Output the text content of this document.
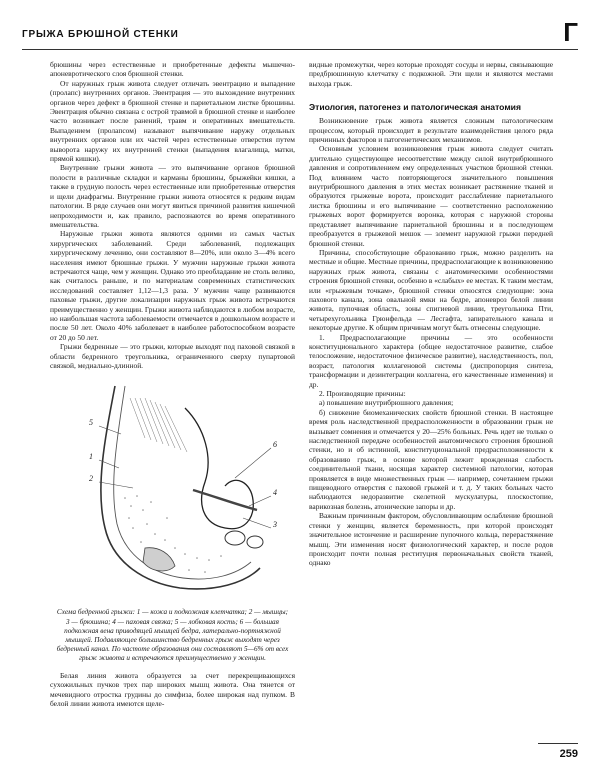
ГРЫЖА БРЮШНОЙ СТЕНКИ	Г

брюшины через естественные и приобретенные дефекты мышечно-апоневротического слоя брюшной стенки.

От наружных грыж живота следует отличать эвентрацию и выпадение (пролапс) внутренних органов. Эвентрация — это выхождение внутренних органов через дефект в брюшной стенке и париетальном листке брюшины. Эвентрация обычно связана с острой травмой в брюшной стенке и наиболее часто возникает после ранений, травм и оперативных вмешательств. Выпадением (пролапсом) называют выпячивание наружу отдельных внутренних органов или их частей через естественные отверстия путем выворота наружу их внутренней стенки (выпадения влагалища, матки, прямой кишки).

Внутренние грыжи живота — это выпячивание органов брюшной полости в различные складки и карманы брюшины, брыжейки кишки, а также в грудную полость через естественные или приобретенные отверстия и щели диафрагмы. Внутренние грыжи живота относятся к редким видам патологии. В ряде случаев они могут явиться причиной развития кишечной непроходимости и, как правило, распознаются во время оперативного вмешательства.

Наружные грыжи живота являются одними из самых частых хирургических заболеваний. Среди заболеваний, подлежащих хирургическому лечению, они составляют 8—20%, или около 3—4% всего населения имеют брюшные грыжи. У мужчин наружные грыжи живота встречаются чаще, чем у женщин. Однако это преобладание не столь велико, как считалось раньше, и по материалам современных статистических исследований составляет 1,12—1,3 раза. У мужчин чаще развиваются паховые грыжи, другие локализации наружных грыж живота встречаются преимущественно у женщин. Грыжи живота наблюдаются в любом возрасте, но наибольшая частота заболеваемости отмечается в дошкольном возрасте и после 50 лет. Около 40% заболевает в наиболее работоспособном возрасте от 20 до 50 лет.

Грыжи бедренные — это грыжи, которые выходят под паховой связкой в области бедренного треугольника, ограниченного сверху пупартовой связкой, медиально-длинной.

5
1
2
6
4
3
Схема бедренной грыжи: 1 — кожа и подкожная клетчатка; 2 — мышцы; 3 — брюшина; 4 — паховая связка; 5 — лобковая кость; 6 — большая подкожная вена приводящей мышцей бедра, латерально-портняжной мышцей. Подавляющее большинство бедренных грыж выходят через бедренный канал. По частоте образования они составляют 5—6% от всех грыж живота и встречаются преимущественно у женщин.

Белая линия живота образуется за счет перекрещивающихся сухожильных пучков трех пар широких мышц живота. Она тянется от мечевидного отростка грудины до симфиза, более широкая над пупком. В белой линии живота имеются щеле-

видные промежутки, через которые проходят сосуды и нервы, связывающие предбрюшинную клетчатку с подкожной. Эти щели и являются местами выхода грыж.

Этиология, патогенез и патологическая анатомия

Возникновение грыж живота является сложным патологическим процессом, который происходит в результате взаимодействия целого ряда причинных факторов и патогенетических механизмов.

Основным условием возникновения грыж живота следует считать длительно существующее несоответствие между силой внутрибрюшного давления и сопротивлением ему определенных участков брюшной стенки. Под влиянием часто повторяющегося значительного повышения внутрибрюшного давления в этих местах возникает растяжение тканей и образуются грыжевые ворота, происходит расслабление париетального листка брюшины и его выпячивание — соответственно расположению грыжевых ворот формируется воронка, которая с наружной стороны представляет выпячивание париетальной брюшины и в последующем преобразуется в грыжевой мешок — элемент наружной грыжи передней брюшной стенки.

Причины, способствующие образованию грыж, можно разделить на местные и общие. Местные причины, предрасполагающие к возникновению наружных грыж живота, связаны с анатомическими особенностями строения брюшной стенки, особенно в «слабых» ее местах. К таким местам, или «грыжевым точкам», брюшной стенки относятся следующие: зона пахового канала, зона овальной ямки на бедре, апоневроз белой линии живота, пупочная область, зоны спигиевой линии, треугольника Пти, четырехугольника Грюнфельда — Лесгафта, запирательного канала и некоторые другие. К общим причинам могут быть отнесены следующие.

1. Предрасполагающие причины — это особенности конституционального характера (общее недостаточное развитие, слабое телосложение, недостаточное физическое развитие), наследственность, пол, возраст, патология коллагеновой системы (диспропорция синтеза, трансформации и дезинтеграции коллагена, его качественные изменения) и др.

2. Производящие причины:

а) повышение внутрибрюшного давления;

б) снижение биомеханических свойств брюшной стенки. В настоящее время роль наследственной предрасположенности в образовании грыж не вызывает сомнения и отмечается у 20—25% больных. Речь идет не только о наследственной передаче особенностей анатомического строения брюшной стенки, но и об истинной, конституциональной предрасположенности к образованию грыж, в основе которой лежит врожденная слабость соединительной ткани, носящая характер системной патологии, которая проявляется в виде множественных грыж — например, сочетанием грыжи пищеводного отверстия с паховой грыжей и т. д. У таких больных часто наблюдаются недоразвитие скелетной мускулатуры, плоскостопие, варикозная болезнь, атонические запоры и др.

Важным причинным фактором, обусловливающим ослабление брюшной стенки у женщин, является беременность, при которой происходят значительное истончение и расширение пупочного кольца, перерастяжение мышц. Эти изменения носят физиологический характер, и после родов происходит почти полная реституция первоначальных свойств тканей, однако

259
